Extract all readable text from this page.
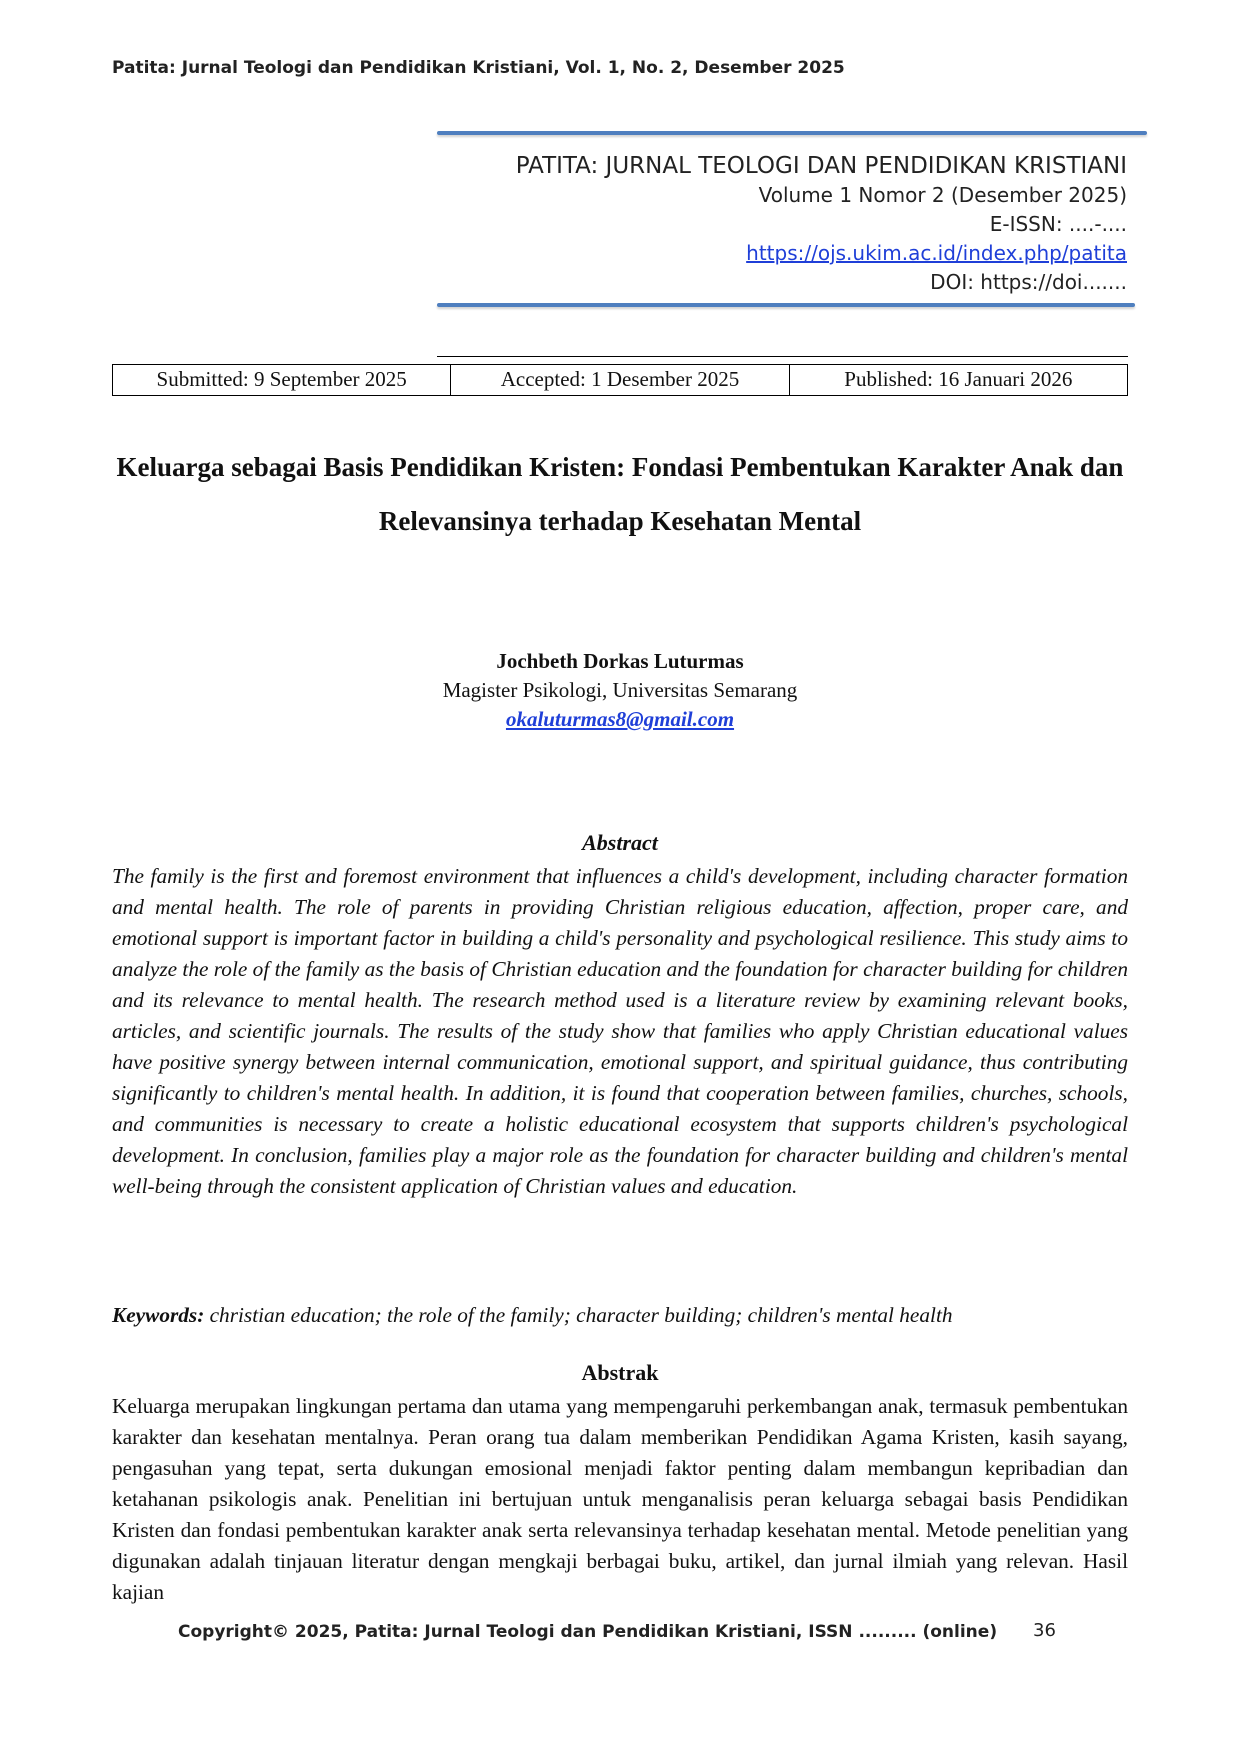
Patita: Jurnal Teologi dan Pendidikan Kristiani, Vol. 1, No. 2, Desember 2025
PATITA: JURNAL TEOLOGI DAN PENDIDIKAN KRISTIANI
Volume 1 Nomor 2 (Desember 2025)
E-ISSN: ....-....
https://ojs.ukim.ac.id/index.php/patita
DOI: https://doi.......
Submitted: 9 September 2025	Accepted: 1 Desember 2025	Published: 16 Januari 2026
Keluarga sebagai Basis Pendidikan Kristen: Fondasi Pembentukan Karakter Anak dan Relevansinya terhadap Kesehatan Mental
Jochbeth Dorkas Luturmas
Magister Psikologi, Universitas Semarang
okaluturmas8@gmail.com
Abstract
The family is the first and foremost environment that influences a child's development, including character formation and mental health. The role of parents in providing Christian religious education, affection, proper care, and emotional support is important factor in building a child's personality and psychological resilience. This study aims to analyze the role of the family as the basis of Christian education and the foundation for character building for children and its relevance to mental health. The research method used is a literature review by examining relevant books, articles, and scientific journals. The results of the study show that families who apply Christian educational values have positive synergy between internal communication, emotional support, and spiritual guidance, thus contributing significantly to children's mental health. In addition, it is found that cooperation between families, churches, schools, and communities is necessary to create a holistic educational ecosystem that supports children's psychological development. In conclusion, families play a major role as the foundation for character building and children's mental well-being through the consistent application of Christian values and education.
Keywords: christian education; the role of the family; character building; children's mental health
Abstrak
Keluarga merupakan lingkungan pertama dan utama yang mempengaruhi perkembangan anak, termasuk pembentukan karakter dan kesehatan mentalnya. Peran orang tua dalam memberikan Pendidikan Agama Kristen, kasih sayang, pengasuhan yang tepat, serta dukungan emosional menjadi faktor penting dalam membangun kepribadian dan ketahanan psikologis anak. Penelitian ini bertujuan untuk menganalisis peran keluarga sebagai basis Pendidikan Kristen dan fondasi pembentukan karakter anak serta relevansinya terhadap kesehatan mental. Metode penelitian yang digunakan adalah tinjauan literatur dengan mengkaji berbagai buku, artikel, dan jurnal ilmiah yang relevan. Hasil kajian
Copyright© 2025, Patita: Jurnal Teologi dan Pendidikan Kristiani, ISSN ......... (online) 36
